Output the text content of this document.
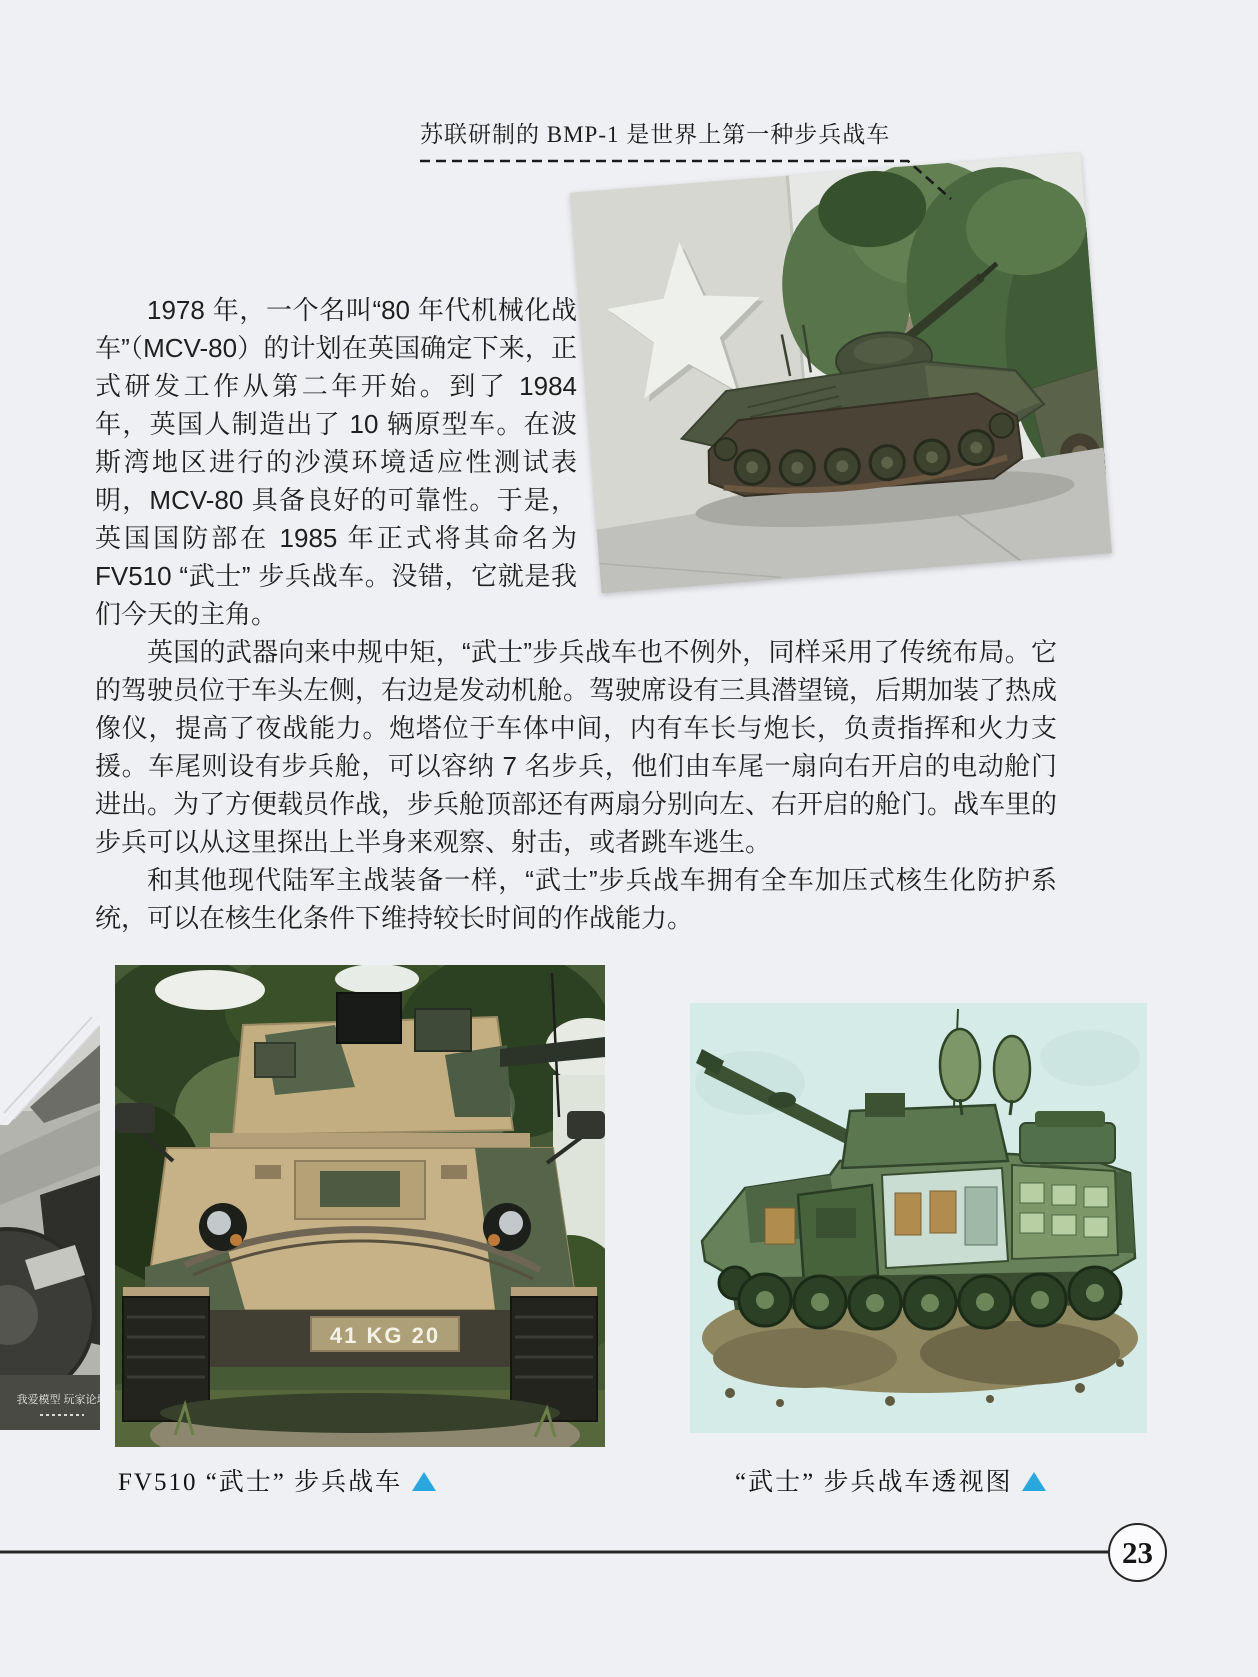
苏联研制的 BMP-1 是世界上第一种步兵战车

1978 年，一个名叫“80 年代机械化战车”（MCV-80）的计划在英国确定下来，正式研发工作从第二年开始。到了 1984 年，英国人制造出了 10 辆原型车。在波斯湾地区进行的沙漠环境适应性测试表明，MCV-80 具备良好的可靠性。于是，英国国防部在 1985 年正式将其命名为 FV510 “武士” 步兵战车。没错，它就是我们今天的主角。

英国的武器向来中规中矩，“武士”步兵战车也不例外，同样采用了传统布局。它的驾驶员位于车头左侧，右边是发动机舱。驾驶席设有三具潜望镜，后期加装了热成像仪，提高了夜战能力。炮塔位于车体中间，内有车长与炮长，负责指挥和火力支援。车尾则设有步兵舱，可以容纳 7 名步兵，他们由车尾一扇向右开启的电动舱门进出。为了方便载员作战，步兵舱顶部还有两扇分别向左、右开启的舱门。战车里的步兵可以从这里探出上半身来观察、射击，或者跳车逃生。

和其他现代陆军主战装备一样，“武士”步兵战车拥有全车加压式核生化防护系统，可以在核生化条件下维持较长时间的作战能力。

我爱模型 玩家论坛
41 KG 20
FV510 “武士” 步兵战车	“武士” 步兵战车透视图
23
